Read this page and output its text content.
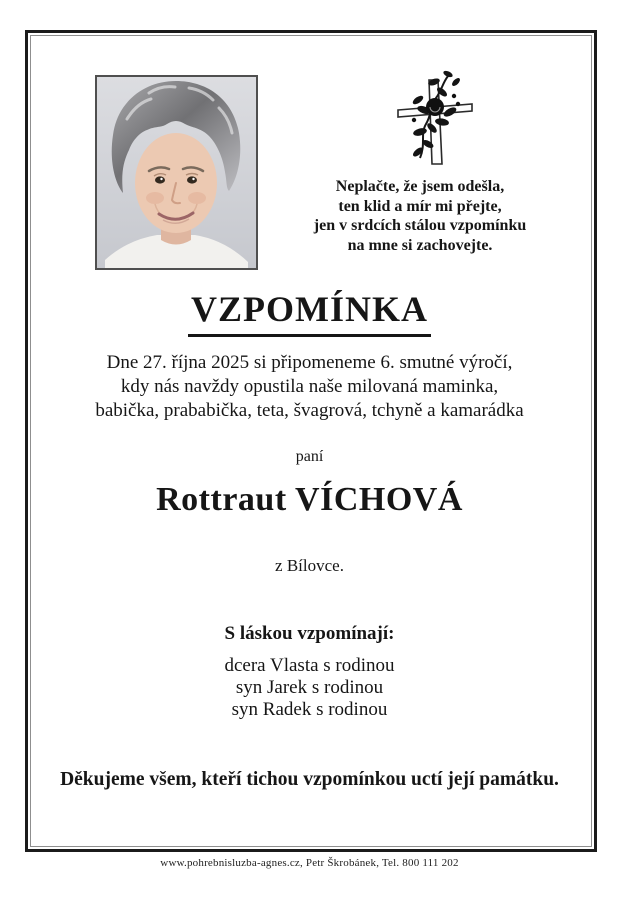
Neplačte, že jsem odešla,
ten klid a mír mi přejte,
jen v srdcích stálou vzpomínku
na mne si zachovejte.
VZPOMÍNKA
Dne 27. října 2025 si připomeneme 6. smutné výročí,
kdy nás navždy opustila naše milovaná maminka,
babička, prababička, teta, švagrová, tchyně a kamarádka
paní
Rottraut VÍCHOVÁ
z Bílovce.
S láskou vzpomínají:
dcera Vlasta s rodinou
syn Jarek s rodinou
syn Radek s rodinou
Děkujeme všem, kteří tichou vzpomínkou uctí její památku.
www.pohrebnisluzba-agnes.cz, Petr Škrobánek, Tel. 800 111 202
